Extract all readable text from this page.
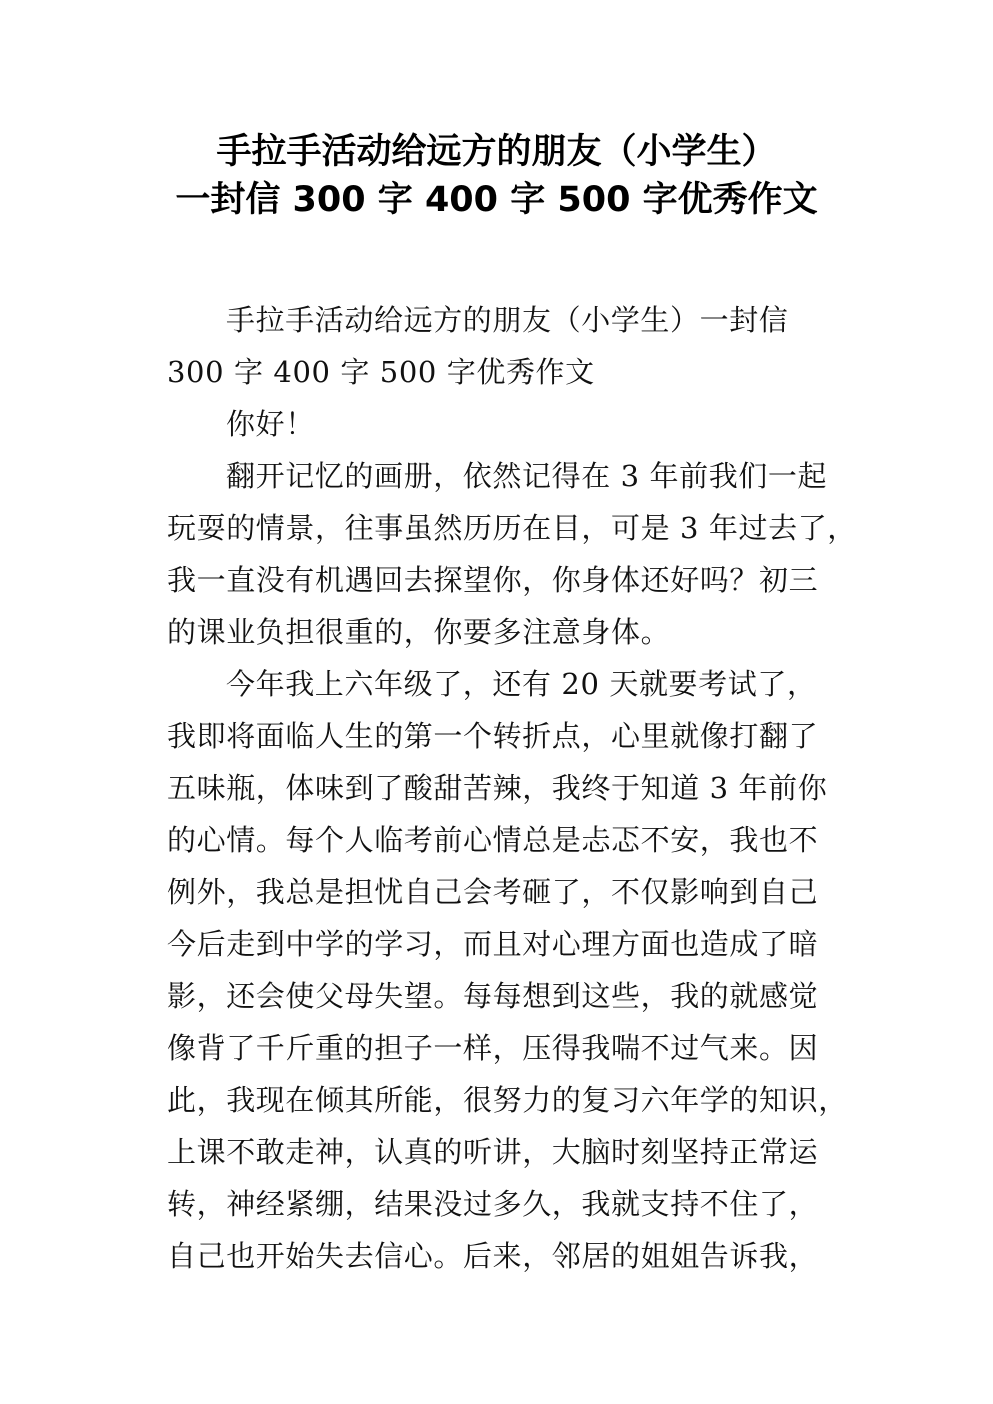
手拉手活动给远方的朋友（小学生）
一封信 300 字 400 字 500 字优秀作文
手拉手活动给远方的朋友（小学生）一封信
300 字 400 字 500 字优秀作文
你好！
翻开记忆的画册，依然记得在 3 年前我们一起
玩耍的情景，往事虽然历历在目，可是 3 年过去了，
我一直没有机遇回去探望你，你身体还好吗？初三
的课业负担很重的，你要多注意身体。
今年我上六年级了，还有 20 天就要考试了，
我即将面临人生的第一个转折点，心里就像打翻了
五味瓶，体味到了酸甜苦辣，我终于知道 3 年前你
的心情。每个人临考前心情总是忐忑不安，我也不
例外，我总是担忧自己会考砸了，不仅影响到自己
今后走到中学的学习，而且对心理方面也造成了暗
影，还会使父母失望。每每想到这些，我的就感觉
像背了千斤重的担子一样，压得我喘不过气来。因
此，我现在倾其所能，很努力的复习六年学的知识，
上课不敢走神，认真的听讲，大脑时刻坚持正常运
转，神经紧绷，结果没过多久，我就支持不住了，
自己也开始失去信心。后来，邻居的姐姐告诉我，
